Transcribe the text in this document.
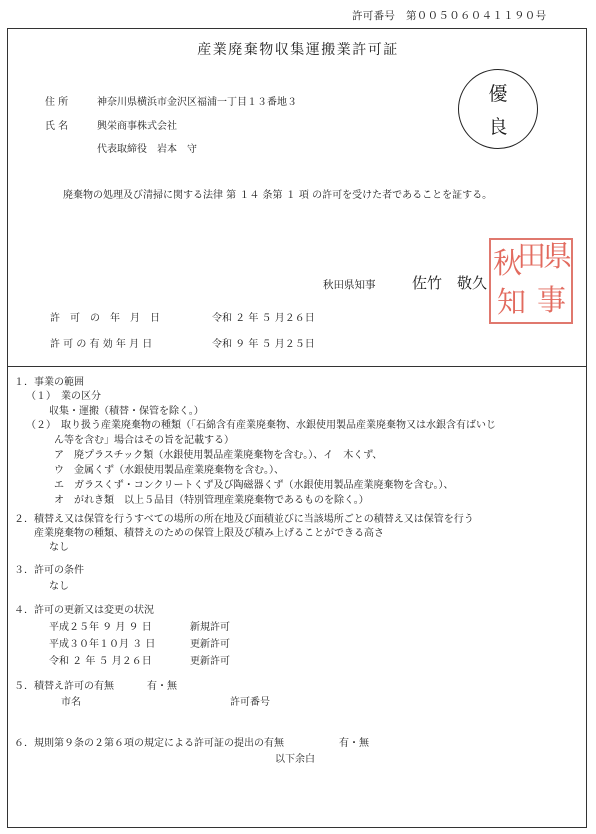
許可番号　第００５０６０４１１９０号
産業廃棄物収集運搬業許可証
住 所	神奈川県横浜市金沢区福浦一丁目１３番地３
氏 名	興栄商事株式会社
代表取締役　岩本　守
優
良
廃棄物の処理及び清掃に関する法律 第 １４ 条第 １ 項 の許可を受けた者であることを証する。
秋田県知事 佐竹　敬久
秋
田
県
知 事
許　可　の　年　月　日	令和 ２ 年 ５ 月２６日
許 可 の 有 効 年 月 日	令和 ９ 年 ５ 月２５日
１．事業の範囲
（１）　業の区分
収集・運搬（積替・保管を除く。）
（２）　取り扱う産業廃棄物の種類（「石綿含有産業廃棄物、水銀使用製品産業廃棄物又は水銀含有ばいじ
ん等を含む」場合はその旨を記載する）
ア　廃プラスチック類（水銀使用製品産業廃棄物を含む。）、イ　木くず、
ウ　金属くず（水銀使用製品産業廃棄物を含む。）、
エ　ガラスくず・コンクリートくず及び陶磁器くず（水銀使用製品産業廃棄物を含む。）、
オ　がれき類　以上５品目（特別管理産業廃棄物であるものを除く。）
２．積替え又は保管を行うすべての場所の所在地及び面積並びに当該場所ごとの積替え又は保管を行う
産業廃棄物の種類、積替えのための保管上限及び積み上げることができる高さ
なし
３．許可の条件
なし
４．許可の更新又は変更の状況
平成２５年 ９ 月 ９ 日	新規許可
平成３０年１０月 ３ 日	更新許可
令和 ２ 年 ５ 月２６日	更新許可
５．積替え許可の有無	有・無
市名	許可番号
６．規則第９条の２第６項の規定による許可証の提出の有無	有・無
以下余白
